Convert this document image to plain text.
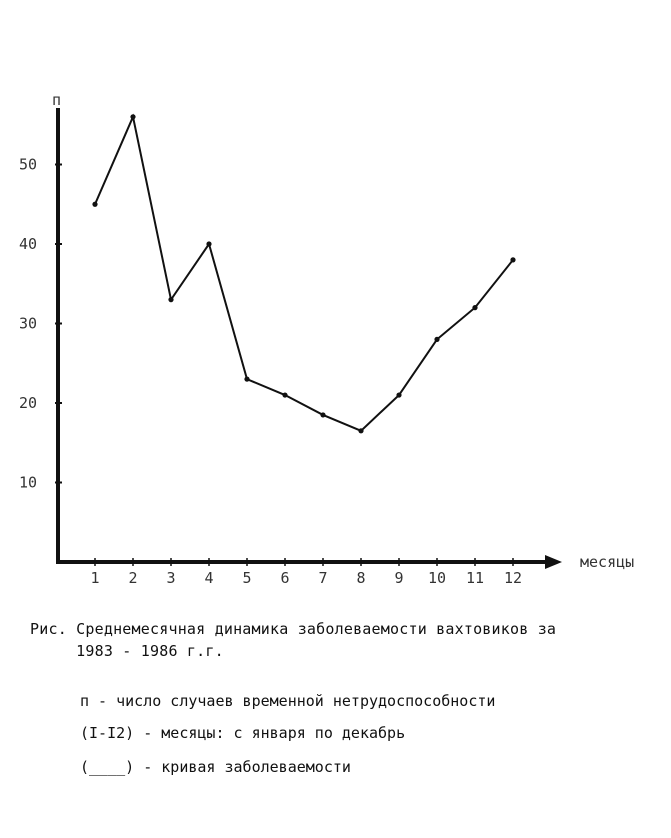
п
месяцы
10
20
30
40
50
1 2 3 4 5 6 7 8 9 10 11 12
Рис. Среднемесячная динамика заболеваемости вахтовиков за
1983 - 1986 г.г.
п - число случаев временной нетрудоспособности
(I-I2) - месяцы: с января по декабрь
(____) - кривая заболеваемости
